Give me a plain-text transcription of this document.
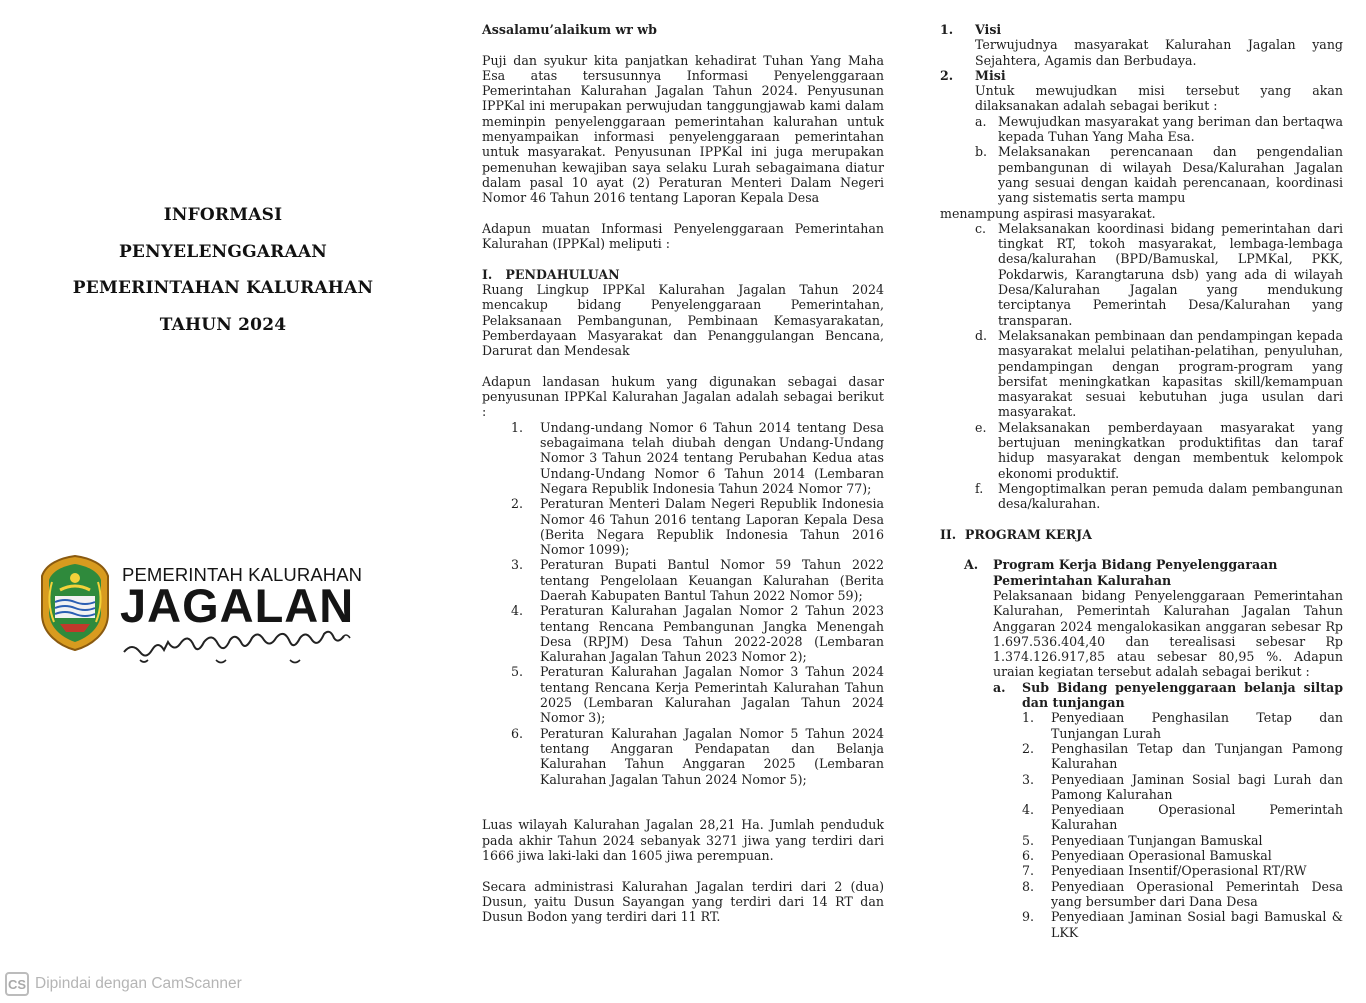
INFORMASI
PENYELENGGARAAN
PEMERINTAHAN KALURAHAN
TAHUN 2024
PEMERINTAH KALURAHAN
JAGALAN

Assalamu’alaikum wr wb

Puji dan syukur kita panjatkan kehadirat Tuhan Yang Maha Esa atas tersusunnya Informasi Penyelenggaraan Pemerintahan Kalurahan Jagalan Tahun 2024. Penyusunan IPPKal ini merupakan perwujudan tanggungjawab kami dalam meminpin penyelenggaraan pemerintahan kalurahan untuk menyampaikan informasi penyelenggaraan pemerintahan untuk masyarakat. Penyusunan IPPKal ini juga merupakan pemenuhan kewajiban saya selaku Lurah sebagaimana diatur dalam pasal 10 ayat (2) Peraturan Menteri Dalam Negeri Nomor 46 Tahun 2016 tentang Laporan Kepala Desa

Adapun muatan Informasi Penyelenggaraan Pemerintahan Kalurahan (IPPKal) meliputi :

I.   PENDAHULUAN

Ruang Lingkup IPPKal Kalurahan Jagalan Tahun 2024 mencakup bidang Penyelenggaraan Pemerintahan, Pelaksanaan Pembangunan, Pembinaan Kemasyarakatan, Pemberdayaan Masyarakat dan Penanggulangan Bencana, Darurat dan Mendesak

Adapun landasan hukum yang digunakan sebagai dasar penyusunan IPPKal Kalurahan Jagalan adalah sebagai berikut :

1.	Undang-undang Nomor 6 Tahun 2014 tentang Desa sebagaimana telah diubah dengan Undang-Undang Nomor 3 Tahun 2024 tentang Perubahan Kedua atas Undang-Undang Nomor 6 Tahun 2014 (Lembaran Negara Republik Indonesia Tahun 2024 Nomor 77);
2.	Peraturan Menteri Dalam Negeri Republik Indonesia Nomor 46 Tahun 2016 tentang Laporan Kepala Desa (Berita Negara Republik Indonesia Tahun 2016 Nomor 1099);
3.	Peraturan Bupati Bantul Nomor 59 Tahun 2022 tentang Pengelolaan Keuangan Kalurahan (Berita Daerah Kabupaten Bantul Tahun 2022 Nomor 59);
4.	Peraturan Kalurahan Jagalan Nomor 2 Tahun 2023 tentang Rencana Pembangunan Jangka Menengah Desa (RPJM) Desa Tahun 2022-2028 (Lembaran Kalurahan Jagalan Tahun 2023 Nomor 2);
5.	Peraturan Kalurahan Jagalan Nomor 3 Tahun 2024 tentang Rencana Kerja Pemerintah Kalurahan Tahun 2025 (Lembaran Kalurahan Jagalan Tahun 2024 Nomor 3);
6.	Peraturan Kalurahan Jagalan Nomor 5 Tahun 2024 tentang Anggaran Pendapatan dan Belanja Kalurahan Tahun Anggaran 2025 (Lembaran Kalurahan Jagalan Tahun 2024 Nomor 5);

Luas wilayah Kalurahan Jagalan 28,21 Ha. Jumlah penduduk pada akhir Tahun 2024 sebanyak 3271 jiwa yang terdiri dari 1666 jiwa laki-laki dan 1605 jiwa perempuan.

Secara administrasi Kalurahan Jagalan terdiri dari 2 (dua) Dusun, yaitu Dusun Sayangan yang terdiri dari 14 RT dan Dusun Bodon yang terdiri dari 11 RT.

1.	Visi
Terwujudnya masyarakat Kalurahan Jagalan yang Sejahtera, Agamis dan Berbudaya.
2.	Misi
Untuk mewujudkan misi tersebut yang akan dilaksanakan adalah sebagai berikut :
a. Mewujudkan masyarakat yang beriman dan bertaqwa kepada Tuhan Yang Maha Esa.
b. Melaksanakan perencanaan dan pengendalian pembangunan di wilayah Desa/Kalurahan Jagalan yang sesuai dengan kaidah perencanaan, koordinasi yang sistematis serta mampu

menampung aspirasi masyarakat.

c. Melaksanakan koordinasi bidang pemerintahan dari tingkat RT, tokoh masyarakat, lembaga-lembaga desa/kalurahan (BPD/Bamuskal, LPMKal, PKK, Pokdarwis, Karangtaruna dsb) yang ada di wilayah Desa/Kalurahan Jagalan yang mendukung terciptanya Pemerintah Desa/Kalurahan yang transparan.
d. Melaksanakan pembinaan dan pendampingan kepada masyarakat melalui pelatihan-pelatihan, penyuluhan, pendampingan dengan program-program yang bersifat meningkatkan kapasitas skill/kemampuan masyarakat sesuai kebutuhan juga usulan dari masyarakat.
e. Melaksanakan pemberdayaan masyarakat yang bertujuan meningkatkan produktifitas dan taraf hidup masyarakat dengan membentuk kelompok ekonomi produktif.
f.	Mengoptimalkan peran pemuda dalam pembangunan desa/kalurahan.

II.  PROGRAM KERJA

A.	Program Kerja Bidang Penyelenggaraan Pemerintahan Kalurahan

Pelaksanaan bidang Penyelenggaraan Pemerintahan Kalurahan, Pemerintah Kalurahan Jagalan Tahun Anggaran 2024 mengalokasikan anggaran sebesar Rp 1.697.536.404,40 dan terealisasi sebesar Rp 1.374.126.917,85 atau sebesar 80,95 %. Adapun uraian kegiatan tersebut adalah sebagai berikut :

a.	Sub Bidang penyelenggaraan belanja siltap dan tunjangan
1.	Penyediaan Penghasilan Tetap dan Tunjangan Lurah
2.	Penghasilan Tetap dan Tunjangan Pamong Kalurahan
3.	Penyediaan Jaminan Sosial bagi Lurah dan Pamong Kalurahan
4.	Penyediaan Operasional Pemerintah Kalurahan
5.	Penyediaan Tunjangan Bamuskal
6.	Penyediaan Operasional Bamuskal
7.	Penyediaan Insentif/Operasional RT/RW
8.	Penyediaan Operasional Pemerintah Desa yang bersumber dari Dana Desa
9.	Penyediaan Jaminan Sosial bagi Bamuskal & LKK
CS Dipindai dengan CamScanner
